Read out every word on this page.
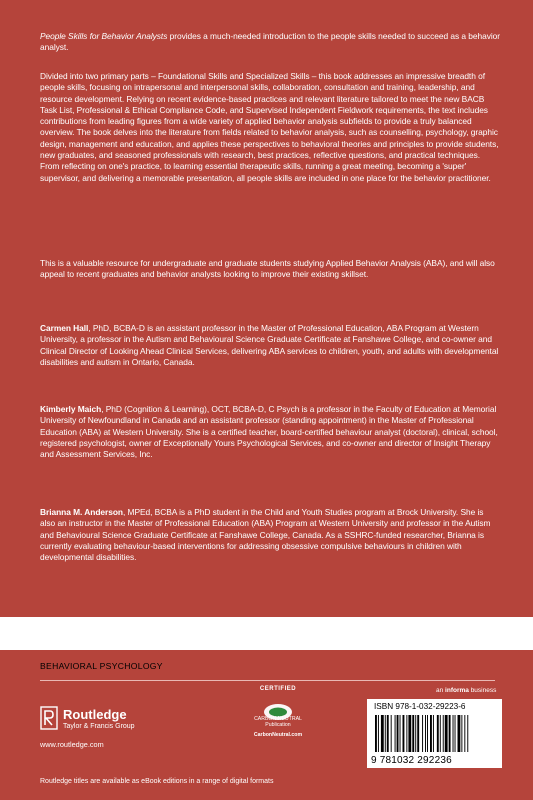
People Skills for Behavior Analysts provides a much-needed introduction to the people skills needed to succeed as a behavior analyst.

Divided into two primary parts – Foundational Skills and Specialized Skills – this book addresses an impressive breadth of people skills, focusing on intrapersonal and interpersonal skills, collaboration, consultation and training, leadership, and resource development. Relying on recent evidence-based practices and relevant literature tailored to meet the new BACB Task List, Professional & Ethical Compliance Code, and Supervised Independent Fieldwork requirements, the text includes contributions from leading figures from a wide variety of applied behavior analysis subfields to provide a truly balanced overview. The book delves into the literature from fields related to behavior analysis, such as counselling, psychology, graphic design, management and education, and applies these perspectives to behavioral theories and principles to provide students, new graduates, and seasoned professionals with research, best practices, reflective questions, and practical techniques. From reflecting on one's practice, to learning essential therapeutic skills, running a great meeting, becoming a 'super' supervisor, and delivering a memorable presentation, all people skills are included in one place for the behavior practitioner.

This is a valuable resource for undergraduate and graduate students studying Applied Behavior Analysis (ABA), and will also appeal to recent graduates and behavior analysts looking to improve their existing skillset.

Carmen Hall, PhD, BCBA-D is an assistant professor in the Master of Professional Education, ABA Program at Western University, a professor in the Autism and Behavioural Science Graduate Certificate at Fanshawe College, and co-owner and Clinical Director of Looking Ahead Clinical Services, delivering ABA services to children, youth, and adults with developmental disabilities and autism in Ontario, Canada.

Kimberly Maich, PhD (Cognition & Learning), OCT, BCBA-D, C Psych is a professor in the Faculty of Education at Memorial University of Newfoundland in Canada and an assistant professor (standing appointment) in the Master of Professional Education (ABA) at Western University. She is a certified teacher, board-certified behaviour analyst (doctoral), clinical, school, registered psychologist, owner of Exceptionally Yours Psychological Services, and co-owner and director of Insight Therapy and Assessment Services, Inc.

Brianna M. Anderson, MPEd, BCBA is a PhD student in the Child and Youth Studies program at Brock University. She is also an instructor in the Master of Professional Education (ABA) Program at Western University and professor in the Autism and Behavioural Science Graduate Certificate at Fanshawe College, Canada. As a SSHRC-funded researcher, Brianna is currently evaluating behaviour-based interventions for addressing obsessive compulsive behaviours in children with developmental disabilities.

BEHAVIORAL PSYCHOLOGY
Routledge
Taylor & Francis Group
www.routledge.com
Routledge titles are available as eBook editions in a range of digital formats
CERTIFIED
CARBON NEUTRAL
Publication
CarbonNeutral.com
an informa business
ISBN 978-1-032-29223-6
9 781032 292236
